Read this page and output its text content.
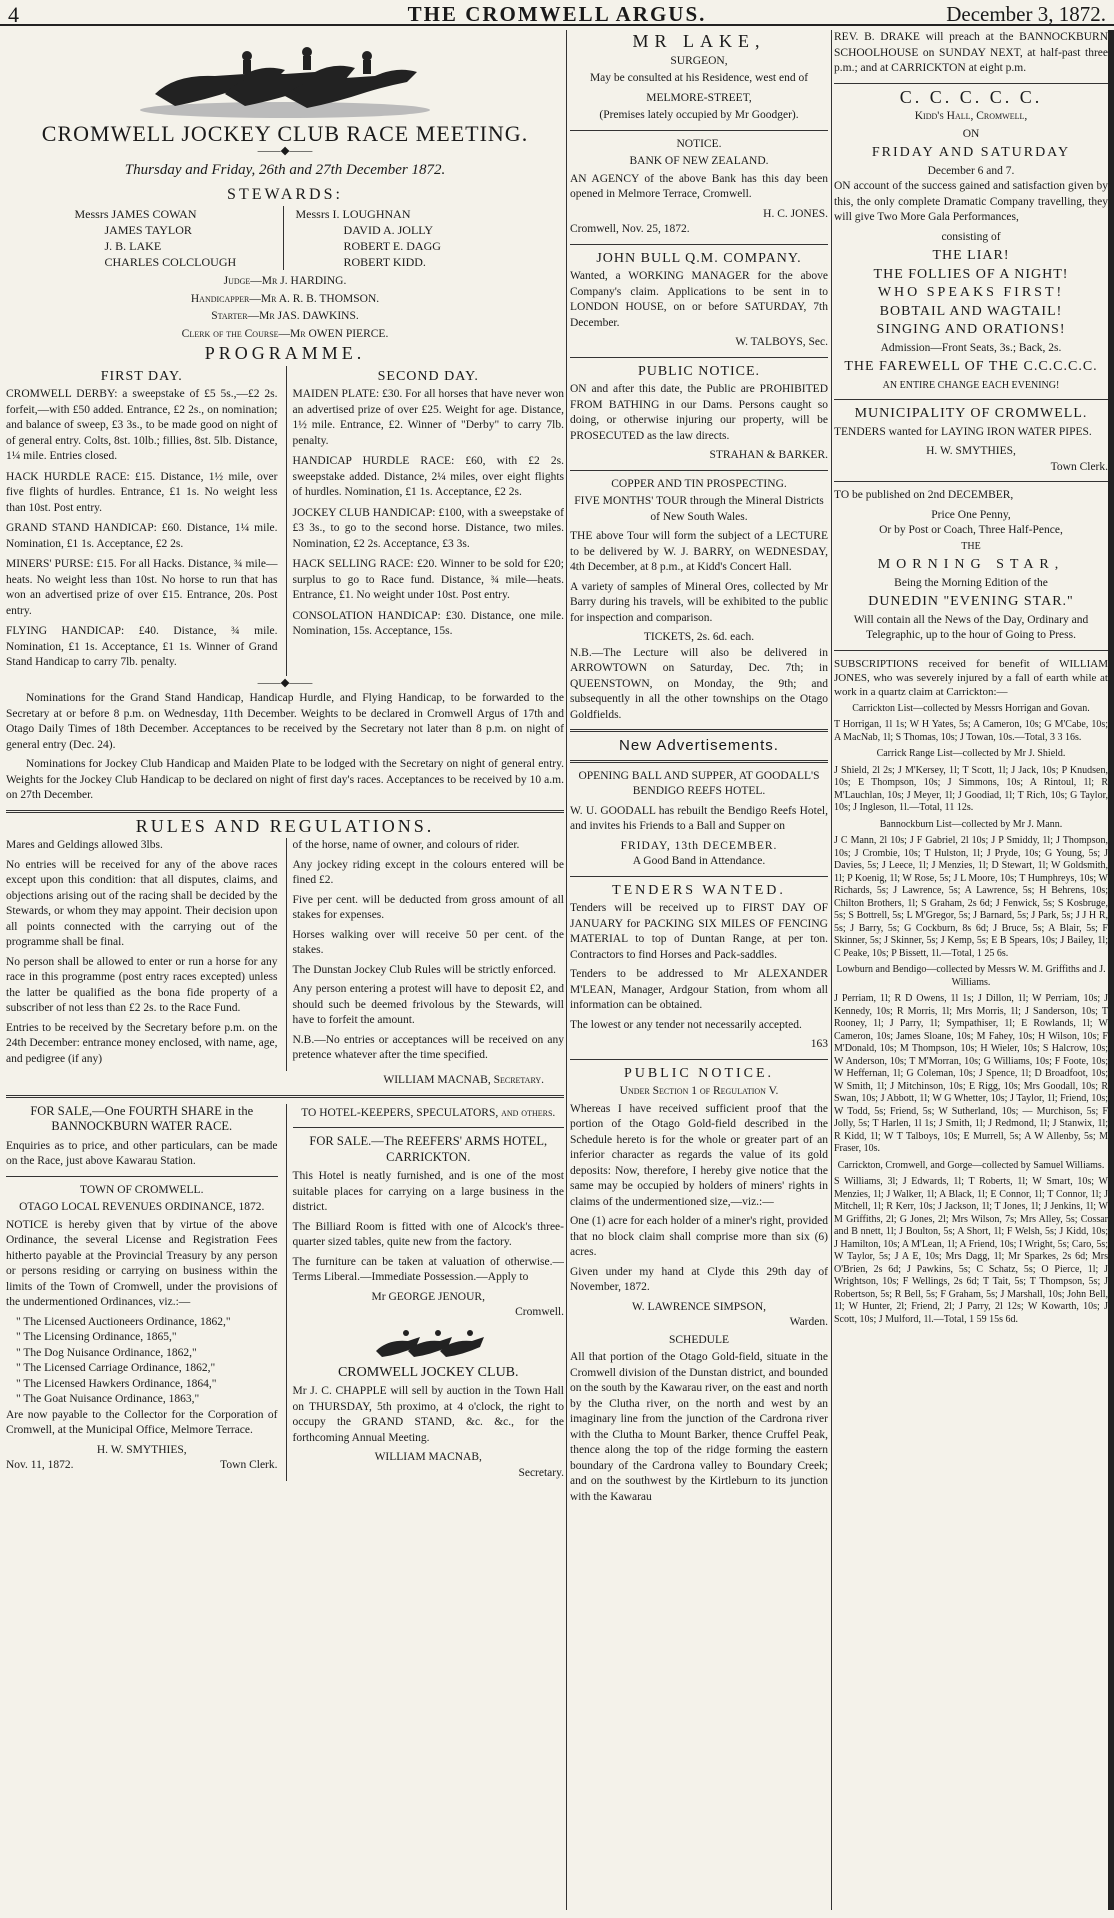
4	THE CROMWELL ARGUS.	December 3, 1872.
CROMWELL JOCKEY CLUB RACE MEETING.
——◆——
Thursday and Friday, 26th and 27th December 1872.
STEWARDS:
Messrs JAMES COWAN
JAMES TAYLOR
J. B. LAKE
CHARLES COLCLOUGH
Messrs I. LOUGHNAN
DAVID A. JOLLY
ROBERT E. DAGG
ROBERT KIDD.
Judge—Mr J. HARDING.
Handicapper—Mr A. R. B. THOMSON.
Starter—Mr JAS. DAWKINS.
Clerk of the Course—Mr OWEN PIERCE.
PROGRAMME.
FIRST DAY.

CROMWELL DERBY: a sweepstake of £5 5s.,—£2 2s. forfeit,—with £50 added. Entrance, £2 2s., on nomination; and balance of sweep, £3 3s., to be made good on night of of general entry. Colts, 8st. 10lb.; fillies, 8st. 5lb. Distance, 1¼ mile. Entries closed.

HACK HURDLE RACE: £15. Distance, 1½ mile, over five flights of hurdles. Entrance, £1 1s. No weight less than 10st. Post entry.

GRAND STAND HANDICAP: £60. Distance, 1¼ mile. Nomination, £1 1s. Acceptance, £2 2s.

MINERS' PURSE: £15. For all Hacks. Distance, ¾ mile—heats. No weight less than 10st. No horse to run that has won an advertised prize of over £15. Entrance, 20s. Post entry.

FLYING HANDICAP: £40. Distance, ¾ mile. Nomination, £1 1s. Acceptance, £1 1s. Winner of Grand Stand Handicap to carry 7lb. penalty.

SECOND DAY.

MAIDEN PLATE: £30. For all horses that have never won an advertised prize of over £25. Weight for age. Distance, 1½ mile. Entrance, £2. Winner of "Derby" to carry 7lb. penalty.

HANDICAP HURDLE RACE: £60, with £2 2s. sweepstake added. Distance, 2¼ miles, over eight flights of hurdles. Nomination, £1 1s. Acceptance, £2 2s.

JOCKEY CLUB HANDICAP: £100, with a sweepstake of £3 3s., to go to the second horse. Distance, two miles. Nomination, £2 2s. Acceptance, £3 3s.

HACK SELLING RACE: £20. Winner to be sold for £20; surplus to go to Race fund. Distance, ¾ mile—heats. Entrance, £1. No weight under 10st. Post entry.

CONSOLATION HANDICAP: £30. Distance, one mile. Nomination, 15s. Acceptance, 15s.

——◆——

Nominations for the Grand Stand Handicap, Handicap Hurdle, and Flying Handicap, to be forwarded to the Secretary at or before 8 p.m. on Wednesday, 11th December. Weights to be declared in Cromwell Argus of 17th and Otago Daily Times of 18th December. Acceptances to be received by the Secretary not later than 8 p.m. on night of general entry (Dec. 24).

Nominations for Jockey Club Handicap and Maiden Plate to be lodged with the Secretary on night of general entry. Weights for the Jockey Club Handicap to be declared on night of first day's races. Acceptances to be received by 10 a.m. on 27th December.

RULES AND REGULATIONS.

Mares and Geldings allowed 3lbs.

No entries will be received for any of the above races except upon this condition: that all disputes, claims, and objections arising out of the racing shall be decided by the Stewards, or whom they may appoint. Their decision upon all points connected with the carrying out of the programme shall be final.

No person shall be allowed to enter or run a horse for any race in this programme (post entry races excepted) unless the latter be qualified as the bona fide property of a subscriber of not less than £2 2s. to the Race Fund.

Entries to be received by the Secretary before p.m. on the 24th December: entrance money enclosed, with name, age, and pedigree (if any)

of the horse, name of owner, and colours of rider.

Any jockey riding except in the colours entered will be fined £2.

Five per cent. will be deducted from gross amount of all stakes for expenses.

Horses walking over will receive 50 per cent. of the stakes.

The Dunstan Jockey Club Rules will be strictly enforced.

Any person entering a protest will have to deposit £2, and should such be deemed frivolous by the Stewards, will have to forfeit the amount.

N.B.—No entries or acceptances will be received on any pretence whatever after the time specified.

WILLIAM MACNAB, Secretary.

FOR SALE,—One FOURTH SHARE in the BANNOCKBURN WATER RACE.

Enquiries as to price, and other particulars, can be made on the Race, just above Kawarau Station.

TOWN OF CROMWELL.
OTAGO LOCAL REVENUES ORDINANCE, 1872.

NOTICE is hereby given that by virtue of the above Ordinance, the several License and Registration Fees hitherto payable at the Provincial Treasury by any person or persons residing or carrying on business within the limits of the Town of Cromwell, under the provisions of the undermentioned Ordinances, viz.:—

" The Licensed Auctioneers Ordinance, 1862,"
" The Licensing Ordinance, 1865,"
" The Dog Nuisance Ordinance, 1862,"
" The Licensed Carriage Ordinance, 1862,"
" The Licensed Hawkers Ordinance, 1864,"
" The Goat Nuisance Ordinance, 1863,"

Are now payable to the Collector for the Corporation of Cromwell, at the Municipal Office, Melmore Terrace.

H. W. SMYTHIES,
Nov. 11, 1872.	Town Clerk.
TO HOTEL-KEEPERS, SPECULATORS, and others.

FOR SALE.—The REEFERS' ARMS HOTEL, CARRICKTON.

This Hotel is neatly furnished, and is one of the most suitable places for carrying on a large business in the district.

The Billiard Room is fitted with one of Alcock's three-quarter sized tables, quite new from the factory.

The furniture can be taken at valuation of otherwise.—Terms Liberal.—Immediate Possession.—Apply to

Mr GEORGE JENOUR,
Cromwell.

CROMWELL JOCKEY CLUB.

Mr J. C. CHAPPLE will sell by auction in the Town Hall on THURSDAY, 5th proximo, at 4 o'clock, the right to occupy the GRAND STAND, &c. &c., for the forthcoming Annual Meeting.

WILLIAM MACNAB,
Secretary.
MR LAKE,
SURGEON,

May be consulted at his Residence, west end of

MELMORE-STREET,

(Premises lately occupied by Mr Goodger).

NOTICE.
BANK OF NEW ZEALAND.

AN AGENCY of the above Bank has this day been opened in Melmore Terrace, Cromwell.

H. C. JONES.
Cromwell, Nov. 25, 1872.
JOHN BULL Q.M. COMPANY.

Wanted, a WORKING MANAGER for the above Company's claim. Applications to be sent in to LONDON HOUSE, on or before SATURDAY, 7th December.

W. TALBOYS, Sec.
PUBLIC NOTICE.

ON and after this date, the Public are PROHIBITED FROM BATHING in our Dams. Persons caught so doing, or otherwise injuring our property, will be PROSECUTED as the law directs.

STRAHAN & BARKER.
COPPER AND TIN PROSPECTING.

FIVE MONTHS' TOUR through the Mineral Districts of New South Wales.

THE above Tour will form the subject of a LECTURE to be delivered by W. J. BARRY, on WEDNESDAY, 4th December, at 8 p.m., at Kidd's Concert Hall.

A variety of samples of Mineral Ores, collected by Mr Barry during his travels, will be exhibited to the public for inspection and comparison.

TICKETS, 2s. 6d. each.

N.B.—The Lecture will also be delivered in ARROWTOWN on Saturday, Dec. 7th; in QUEENSTOWN, on Monday, the 9th; and subsequently in all the other townships on the Otago Goldfields.

New Advertisements.

OPENING BALL AND SUPPER, AT GOODALL'S BENDIGO REEFS HOTEL.

W. U. GOODALL has rebuilt the Bendigo Reefs Hotel, and invites his Friends to a Ball and Supper on

FRIDAY, 13th DECEMBER.
A Good Band in Attendance.
TENDERS WANTED.

Tenders will be received up to FIRST DAY OF JANUARY for PACKING SIX MILES OF FENCING MATERIAL to top of Duntan Range, at per ton. Contractors to find Horses and Pack-saddles.

Tenders to be addressed to Mr ALEXANDER M'LEAN, Manager, Ardgour Station, from whom all information can be obtained.

The lowest or any tender not necessarily accepted.

163
PUBLIC NOTICE.
Under Section 1 of Regulation V.

Whereas I have received sufficient proof that the portion of the Otago Gold-field described in the Schedule hereto is for the whole or greater part of an inferior character as regards the value of its gold deposits: Now, therefore, I hereby give notice that the same may be occupied by holders of miners' rights in claims of the undermentioned size,—viz.:—

One (1) acre for each holder of a miner's right, provided that no block claim shall comprise more than six (6) acres.

Given under my hand at Clyde this 29th day of November, 1872.

W. LAWRENCE SIMPSON,
Warden.
SCHEDULE

All that portion of the Otago Gold-field, situate in the Cromwell division of the Dunstan district, and bounded on the south by the Kawarau river, on the east and north by the Clutha river, on the north and west by an imaginary line from the junction of the Cardrona river with the Clutha to Mount Barker, thence Cruffel Peak, thence along the top of the ridge forming the eastern boundary of the Cardrona valley to Boundary Creek; and on the southwest by the Kirtleburn to its junction with the Kawarau

REV. B. DRAKE will preach at the BANNOCKBURN SCHOOLHOUSE on SUNDAY NEXT, at half-past three p.m.; and at CARRICKTON at eight p.m.

C. C. C. C. C.
Kidd's Hall, Cromwell,
ON
FRIDAY AND SATURDAY
December 6 and 7.

ON account of the success gained and satisfaction given by this, the only complete Dramatic Company travelling, they will give Two More Gala Performances,

consisting of
THE LIAR!
THE FOLLIES OF A NIGHT!
WHO SPEAKS FIRST!
BOBTAIL AND WAGTAIL!
SINGING AND ORATIONS!
Admission—Front Seats, 3s.; Back, 2s.
THE FAREWELL OF THE C.C.C.C.C.
AN ENTIRE CHANGE EACH EVENING!
MUNICIPALITY OF CROMWELL.

TENDERS wanted for LAYING IRON WATER PIPES.

H. W. SMYTHIES,
Town Clerk.

TO be published on 2nd DECEMBER,

Price One Penny,
Or by Post or Coach, Three Half-Pence,
THE
MORNING STAR,
Being the Morning Edition of the
DUNEDIN "EVENING STAR."

Will contain all the News of the Day, Ordinary and Telegraphic, up to the hour of Going to Press.

SUBSCRIPTIONS received for benefit of WILLIAM JONES, who was severely injured by a fall of earth while at work in a quartz claim at Carrickton:—

Carrickton List—collected by Messrs Horrigan and Govan.

T Horrigan, 1l 1s; W H Yates, 5s; A Cameron, 10s; G M'Cabe, 10s; A MacNab, 1l; S Thomas, 10s; J Towan, 10s.—Total, 3 3 16s.

Carrick Range List—collected by Mr J. Shield.

J Shield, 2l 2s; J M'Kersey, 1l; T Scott, 1l; J Jack, 10s; P Knudsen, 10s; E Thompson, 10s; J Simmons, 10s; A Rintoul, 1l; R M'Lauchlan, 10s; J Meyer, 1l; J Goodiad, 1l; T Rich, 10s; G Taylor, 10s; J Ingleson, 1l.—Total, 11 12s.

Bannockburn List—collected by Mr J. Mann.

J C Mann, 2l 10s; J F Gabriel, 2l 10s; J P Smiddy, 1l; J Thompson, 10s; J Crombie, 10s; T Hulston, 1l; J Pryde, 10s; G Young, 5s; J Davies, 5s; J Leece, 1l; J Menzies, 1l; D Stewart, 1l; W Goldsmith, 1l; P Koenig, 1l; W Rose, 5s; J L Moore, 10s; T Humphreys, 10s; W Richards, 5s; J Lawrence, 5s; A Lawrence, 5s; H Behrens, 10s; Chilton Brothers, 1l; S Graham, 2s 6d; J Fenwick, 5s; S Kosbruge, 5s; S Bottrell, 5s; L M'Gregor, 5s; J Barnard, 5s; J Park, 5s; J J H R, 5s; J Barry, 5s; G Cockburn, 8s 6d; J Bruce, 5s; A Blair, 5s; F Skinner, 5s; J Skinner, 5s; J Kemp, 5s; E B Spears, 10s; J Bailey, 1l; C Peake, 10s; P Bissett, 1l.—Total, 1 25 6s.

Lowburn and Bendigo—collected by Messrs W. M. Griffiths and J. Williams.

J Perriam, 1l; R D Owens, 1l 1s; J Dillon, 1l; W Perriam, 10s; J Kennedy, 10s; R Morris, 1l; Mrs Morris, 1l; J Sanderson, 10s; T Rooney, 1l; J Parry, 1l; Sympathiser, 1l; E Rowlands, 1l; W Cameron, 10s; James Sloane, 10s; M Fahey, 10s; H Wilson, 10s; F M'Donald, 10s; M Thompson, 10s; H Wieler, 10s; S Halcrow, 10s; W Anderson, 10s; T M'Morran, 10s; G Williams, 10s; F Foote, 10s; W Heffernan, 1l; G Coleman, 10s; J Spence, 1l; D Broadfoot, 10s; W Smith, 1l; J Mitchinson, 10s; E Rigg, 10s; Mrs Goodall, 10s; R Swan, 10s; J Abbott, 1l; W G Whetter, 10s; J Taylor, 1l; Friend, 10s; W Todd, 5s; Friend, 5s; W Sutherland, 10s; — Murchison, 5s; F Jolly, 5s; T Harlen, 1l 1s; J Smith, 1l; J Redmond, 1l; J Stanwix, 1l; R Kidd, 1l; W T Talboys, 10s; E Murrell, 5s; A W Allenby, 5s; M Fraser, 10s.

Carrickton, Cromwell, and Gorge—collected by Samuel Williams.

S Williams, 3l; J Edwards, 1l; T Roberts, 1l; W Smart, 10s; W Menzies, 1l; J Walker, 1l; A Black, 1l; E Connor, 1l; T Connor, 1l; J Mitchell, 1l; R Kerr, 10s; J Jackson, 1l; T Jones, 1l; J Jenkins, 1l; W M Griffiths, 2l; G Jones, 2l; Mrs Wilson, 7s; Mrs Alley, 5s; Cossar and B nnett, 1l; J Boulton, 5s; A Short, 1l; F Welsh, 5s; J Kidd, 10s; J Hamilton, 10s; A M'Lean, 1l; A Friend, 10s; I Wright, 5s; Caro, 5s; W Taylor, 5s; J A E, 10s; Mrs Dagg, 1l; Mr Sparkes, 2s 6d; Mrs O'Brien, 2s 6d; J Pawkins, 5s; C Schatz, 5s; O Pierce, 1l; J Wrightson, 10s; F Wellings, 2s 6d; T Tait, 5s; T Thompson, 5s; J Robertson, 5s; R Bell, 5s; F Graham, 5s; J Marshall, 10s; John Bell, 1l; W Hunter, 2l; Friend, 2l; J Parry, 2l 12s; W Kowarth, 10s; J Scott, 10s; J Mulford, 1l.—Total, 1 59 15s 6d.
